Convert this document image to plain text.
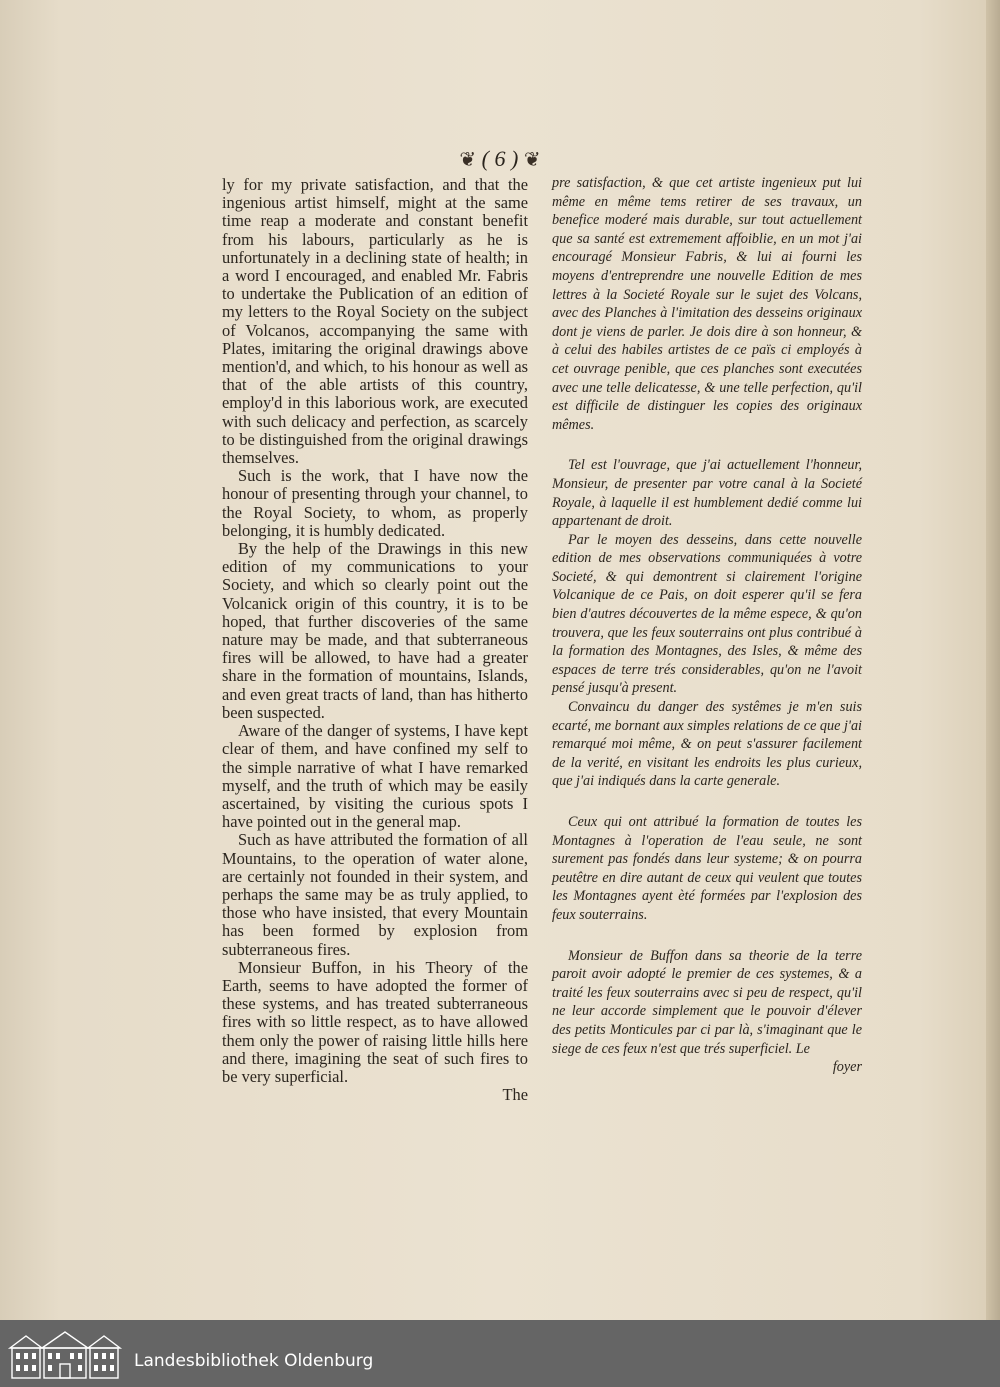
❦ ( 6 ) ❦

ly for my private satisfaction, and that the ingenious artist himself, might at the same time reap a moderate and constant benefit from his labours, particularly as he is unfortunately in a declining state of health; in a word I encouraged, and enabled Mr. Fabris to undertake the Publication of an edition of my letters to the Royal Society on the subject of Volcanos, accompanying the same with Plates, imitaring the original drawings above mention'd, and which, to his honour as well as that of the able artists of this country, employ'd in this laborious work, are executed with such delicacy and perfection, as scarcely to be distinguished from the original drawings themselves.

Such is the work, that I have now the honour of presenting through your channel, to the Royal Society, to whom, as properly belonging, it is humbly dedicated.

By the help of the Drawings in this new edition of my communications to your Society, and which so clearly point out the Volcanick origin of this country, it is to be hoped, that further discoveries of the same nature may be made, and that subterraneous fires will be allowed, to have had a greater share in the formation of mountains, Islands, and even great tracts of land, than has hitherto been suspected.

Aware of the danger of systems, I have kept clear of them, and have confined my self to the simple narrative of what I have remarked myself, and the truth of which may be easily ascertained, by visiting the curious spots I have pointed out in the general map.

Such as have attributed the formation of all Mountains, to the operation of water alone, are certainly not founded in their system, and perhaps the same may be as truly applied, to those who have insisted, that every Mountain has been formed by explosion from subterraneous fires.

Monsieur Buffon, in his Theory of the Earth, seems to have adopted the former of these systems, and has treated subterraneous fires with so little respect, as to have allowed them only the power of raising little hills here and there, imagining the seat of such fires to be very superficial.

The

pre satisfaction, & que cet artiste ingenieux put lui même en même tems retirer de ses travaux, un benefice moderé mais durable, sur tout actuellement que sa santé est extremement affoiblie, en un mot j'ai encouragé Monsieur Fabris, & lui ai fourni les moyens d'entreprendre une nouvelle Edition de mes lettres à la Societé Royale sur le sujet des Volcans, avec des Planches à l'imitation des desseins originaux dont je viens de parler. Je dois dire à son honneur, & à celui des habiles artistes de ce païs ci employés à cet ouvrage penible, que ces planches sont executées avec une telle delicatesse, & une telle perfection, qu'il est difficile de distinguer les copies des originaux mêmes.

Tel est l'ouvrage, que j'ai actuellement l'honneur, Monsieur, de presenter par votre canal à la Societé Royale, à laquelle il est humblement dedié comme lui appartenant de droit.

Par le moyen des desseins, dans cette nouvelle edition de mes observations communiquées à votre Societé, & qui demontrent si clairement l'origine Volcanique de ce Pais, on doit esperer qu'il se fera bien d'autres découvertes de la même espece, & qu'on trouvera, que les feux souterrains ont plus contribué à la formation des Montagnes, des Isles, & même des espaces de terre trés considerables, qu'on ne l'avoit pensé jusqu'à present.

Convaincu du danger des systêmes je m'en suis ecarté, me bornant aux simples relations de ce que j'ai remarqué moi même, & on peut s'assurer facilement de la verité, en visitant les endroits les plus curieux, que j'ai indiqués dans la carte generale.

Ceux qui ont attribué la formation de toutes les Montagnes à l'operation de l'eau seule, ne sont surement pas fondés dans leur systeme; & on pourra peutêtre en dire autant de ceux qui veulent que toutes les Montagnes ayent èté formées par l'explosion des feux souterrains.

Monsieur de Buffon dans sa theorie de la terre paroit avoir adopté le premier de ces systemes, & a traité les feux souterrains avec si peu de respect, qu'il ne leur accorde simplement que le pouvoir d'élever des petits Monticules par ci par là, s'imaginant que le siege de ces feux n'est que trés superficiel. Le

foyer

Landesbibliothek Oldenburg
